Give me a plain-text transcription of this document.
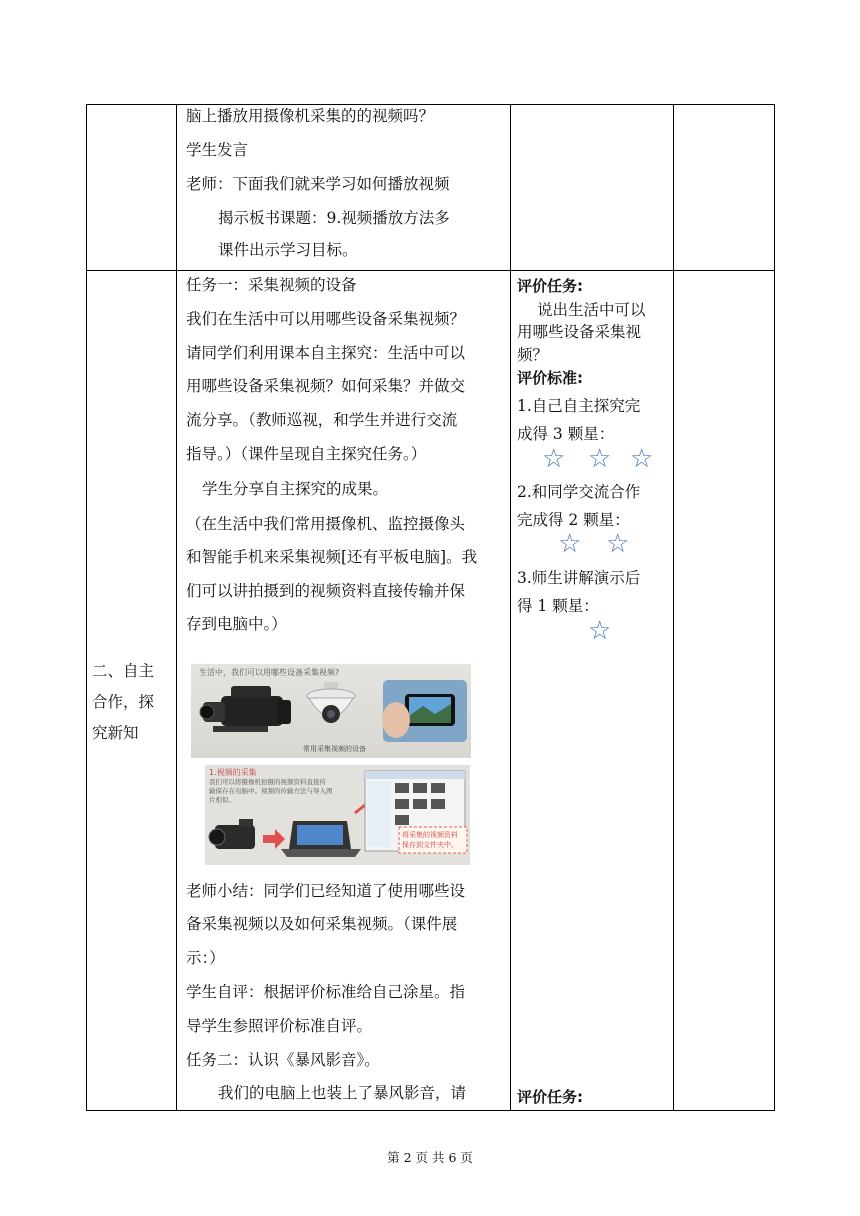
脑上播放用摄像机采集的的视频吗？
学生发言
老师：下面我们就来学习如何播放视频
揭示板书课题：9.视频播放方法多
课件出示学习目标。
二、自主
合作，探
究新知
任务一：采集视频的设备
我们在生活中可以用哪些设备采集视频？
请同学们利用课本自主探究：生活中可以
用哪些设备采集视频？如何采集？并做交
流分享。（教师巡视，和学生并进行交流
指导。）（课件呈现自主探究任务。）
学生分享自主探究的成果。
（在生活中我们常用摄像机、监控摄像头
和智能手机来采集视频[还有平板电脑]。我
们可以讲拍摄到的视频资料直接传输并保
存到电脑中。）
生活中，我们可以用哪些设备采集视频?
常用采集视频的设备
1.视频的采集
我们可以将摄像机拍摄的视频资料直接传
输保存在电脑中。视频的传输方法与导入图
片相似。
将采集的视频资料
保存到文件夹中。
老师小结：同学们已经知道了使用哪些设
备采集视频以及如何采集视频。（课件展
示：）
学生自评：根据评价标准给自己涂星。指
导学生参照评价标准自评。
任务二：认识《暴风影音》。
我们的电脑上也装上了暴风影音，请
评价任务:
说出生活中可以
用哪些设备采集视
频？
评价标准:
1.自己自主探究完
成得 3 颗星：
☆ ☆ ☆
2.和同学交流合作
完成得 2 颗星：
☆ ☆
3.师生讲解演示后
得 1 颗星：
☆
评价任务:
第 2 页 共 6 页
